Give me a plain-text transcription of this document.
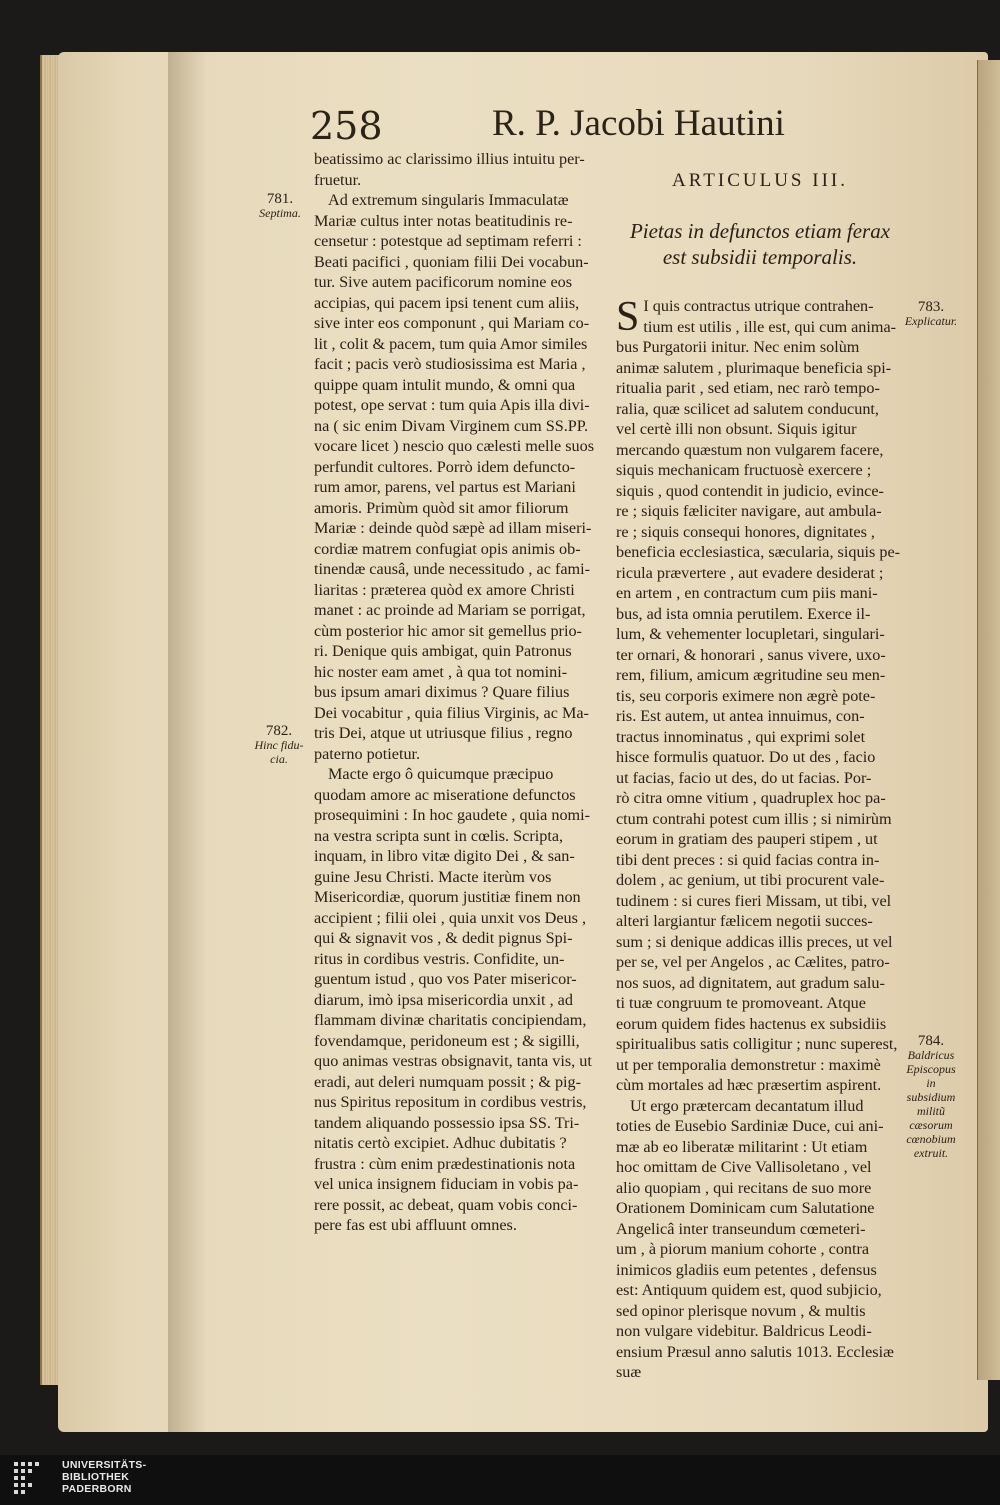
258	R. P. Jacobi Hautini
781.
Septima.
782.
Hinc fidu-cia.
783.
Explicatur.
784.
Baldricus Episcopus in subsidium militũ cæsorum cœnobium extruit.
beatissimo ac clarissimo illius intuitu per-
fruetur.
Ad extremum singularis Immaculatæ
Mariæ cultus inter notas beatitudinis re-
censetur : potestque ad septimam referri :
Beati pacifici , quoniam filii Dei vocabun-
tur. Sive autem pacificorum nomine eos
accipias, qui pacem ipsi tenent cum aliis,
sive inter eos componunt , qui Mariam co-
lit , colit & pacem, tum quia Amor similes
facit ; pacis verò studiosissima est Maria ,
quippe quam intulit mundo, & omni qua
potest, ope servat : tum quia Apis illa divi-
na ( sic enim Divam Virginem cum SS.PP.
vocare licet ) nescio quo cælesti melle suos
perfundit cultores. Porrò idem defuncto-
rum amor, parens, vel partus est Mariani
amoris. Primùm quòd sit amor filiorum
Mariæ : deinde quòd sæpè ad illam miseri-
cordiæ matrem confugiat opis animis ob-
tinendæ causâ, unde necessitudo , ac fami-
liaritas : præterea quòd ex amore Christi
manet : ac proinde ad Mariam se porrigat,
cùm posterior hic amor sit gemellus prio-
ri. Denique quis ambigat, quin Patronus
hic noster eam amet , à qua tot nomini-
bus ipsum amari diximus ? Quare filius
Dei vocabitur , quia filius Virginis, ac Ma-
tris Dei, atque ut utriusque filius , regno
paterno potietur.
Macte ergo ô quicumque præcipuo
quodam amore ac miseratione defunctos
prosequimini : In hoc gaudete , quia nomi-
na vestra scripta sunt in cœlis. Scripta,
inquam, in libro vitæ digito Dei , & san-
guine Jesu Christi. Macte iterùm vos
Misericordiæ, quorum justitiæ finem non
accipient ; filii olei , quia unxit vos Deus ,
qui & signavit vos , & dedit pignus Spi-
ritus in cordibus vestris. Confidite, un-
guentum istud , quo vos Pater misericor-
diarum, imò ipsa misericordia unxit , ad
flammam divinæ charitatis concipiendam,
fovendamque, peridoneum est ; & sigilli,
quo animas vestras obsignavit, tanta vis, ut
eradi, aut deleri numquam possit ; & pig-
nus Spiritus repositum in cordibus vestris,
tandem aliquando possessio ipsa SS. Tri-
nitatis certò excipiet. Adhuc dubitatis ?
frustra : cùm enim prædestinationis nota
vel unica insignem fiduciam in vobis pa-
rere possit, ac debeat, quam vobis conci-
pere fas est ubi affluunt omnes.
ARTICULUS III.
Pietas in defunctos etiam ferax
est subsidii temporalis.
S I quis contractus utrique contrahen-
tium est utilis , ille est, qui cum anima-
bus Purgatorii initur. Nec enim solùm
animæ salutem , plurimaque beneficia spi-
ritualia parit , sed etiam, nec rarò tempo-
ralia, quæ scilicet ad salutem conducunt,
vel certè illi non obsunt. Siquis igitur
mercando quæstum non vulgarem facere,
siquis mechanicam fructuosè exercere ;
siquis , quod contendit in judicio, evince-
re ; siquis fæliciter navigare, aut ambula-
re ; siquis consequi honores, dignitates ,
beneficia ecclesiastica, sæcularia, siquis pe-
ricula prævertere , aut evadere desiderat ;
en artem , en contractum cum piis mani-
bus, ad ista omnia perutilem. Exerce il-
lum, & vehementer locupletari, singulari-
ter ornari, & honorari , sanus vivere, uxo-
rem, filium, amicum ægritudine seu men-
tis, seu corporis eximere non ægrè pote-
ris. Est autem, ut antea innuimus, con-
tractus innominatus , qui exprimi solet
hisce formulis quatuor. Do ut des , facio
ut facias, facio ut des, do ut facias. Por-
rò citra omne vitium , quadruplex hoc pa-
ctum contrahi potest cum illis ; si nimirùm
eorum in gratiam des pauperi stipem , ut
tibi dent preces : si quid facias contra in-
dolem , ac genium, ut tibi procurent vale-
tudinem : si cures fieri Missam, ut tibi, vel
alteri largiantur fælicem negotii succes-
sum ; si denique addicas illis preces, ut vel
per se, vel per Angelos , ac Cælites, patro-
nos suos, ad dignitatem, aut gradum salu-
ti tuæ congruum te promoveant. Atque
eorum quidem fides hactenus ex subsidiis
spiritualibus satis colligitur ; nunc superest,
ut per temporalia demonstretur : maximè
cùm mortales ad hæc præsertim aspirent.
Ut ergo prætercam decantatum illud
toties de Eusebio Sardiniæ Duce, cui ani-
mæ ab eo liberatæ militarint : Ut etiam
hoc omittam de Cive Vallisoletano , vel
alio quopiam , qui recitans de suo more
Orationem Dominicam cum Salutatione
Angelicâ inter transeundum cœmeteri-
um , à piorum manium cohorte , contra
inimicos gladiis eum petentes , defensus
est: Antiquum quidem est, quod subjicio,
sed opinor plerisque novum , & multis
non vulgare videbitur. Baldricus Leodi-
ensium Præsul anno salutis 1013. Ecclesiæ
suæ
UNIVERSITÄTS-
BIBLIOTHEK
PADERBORN
